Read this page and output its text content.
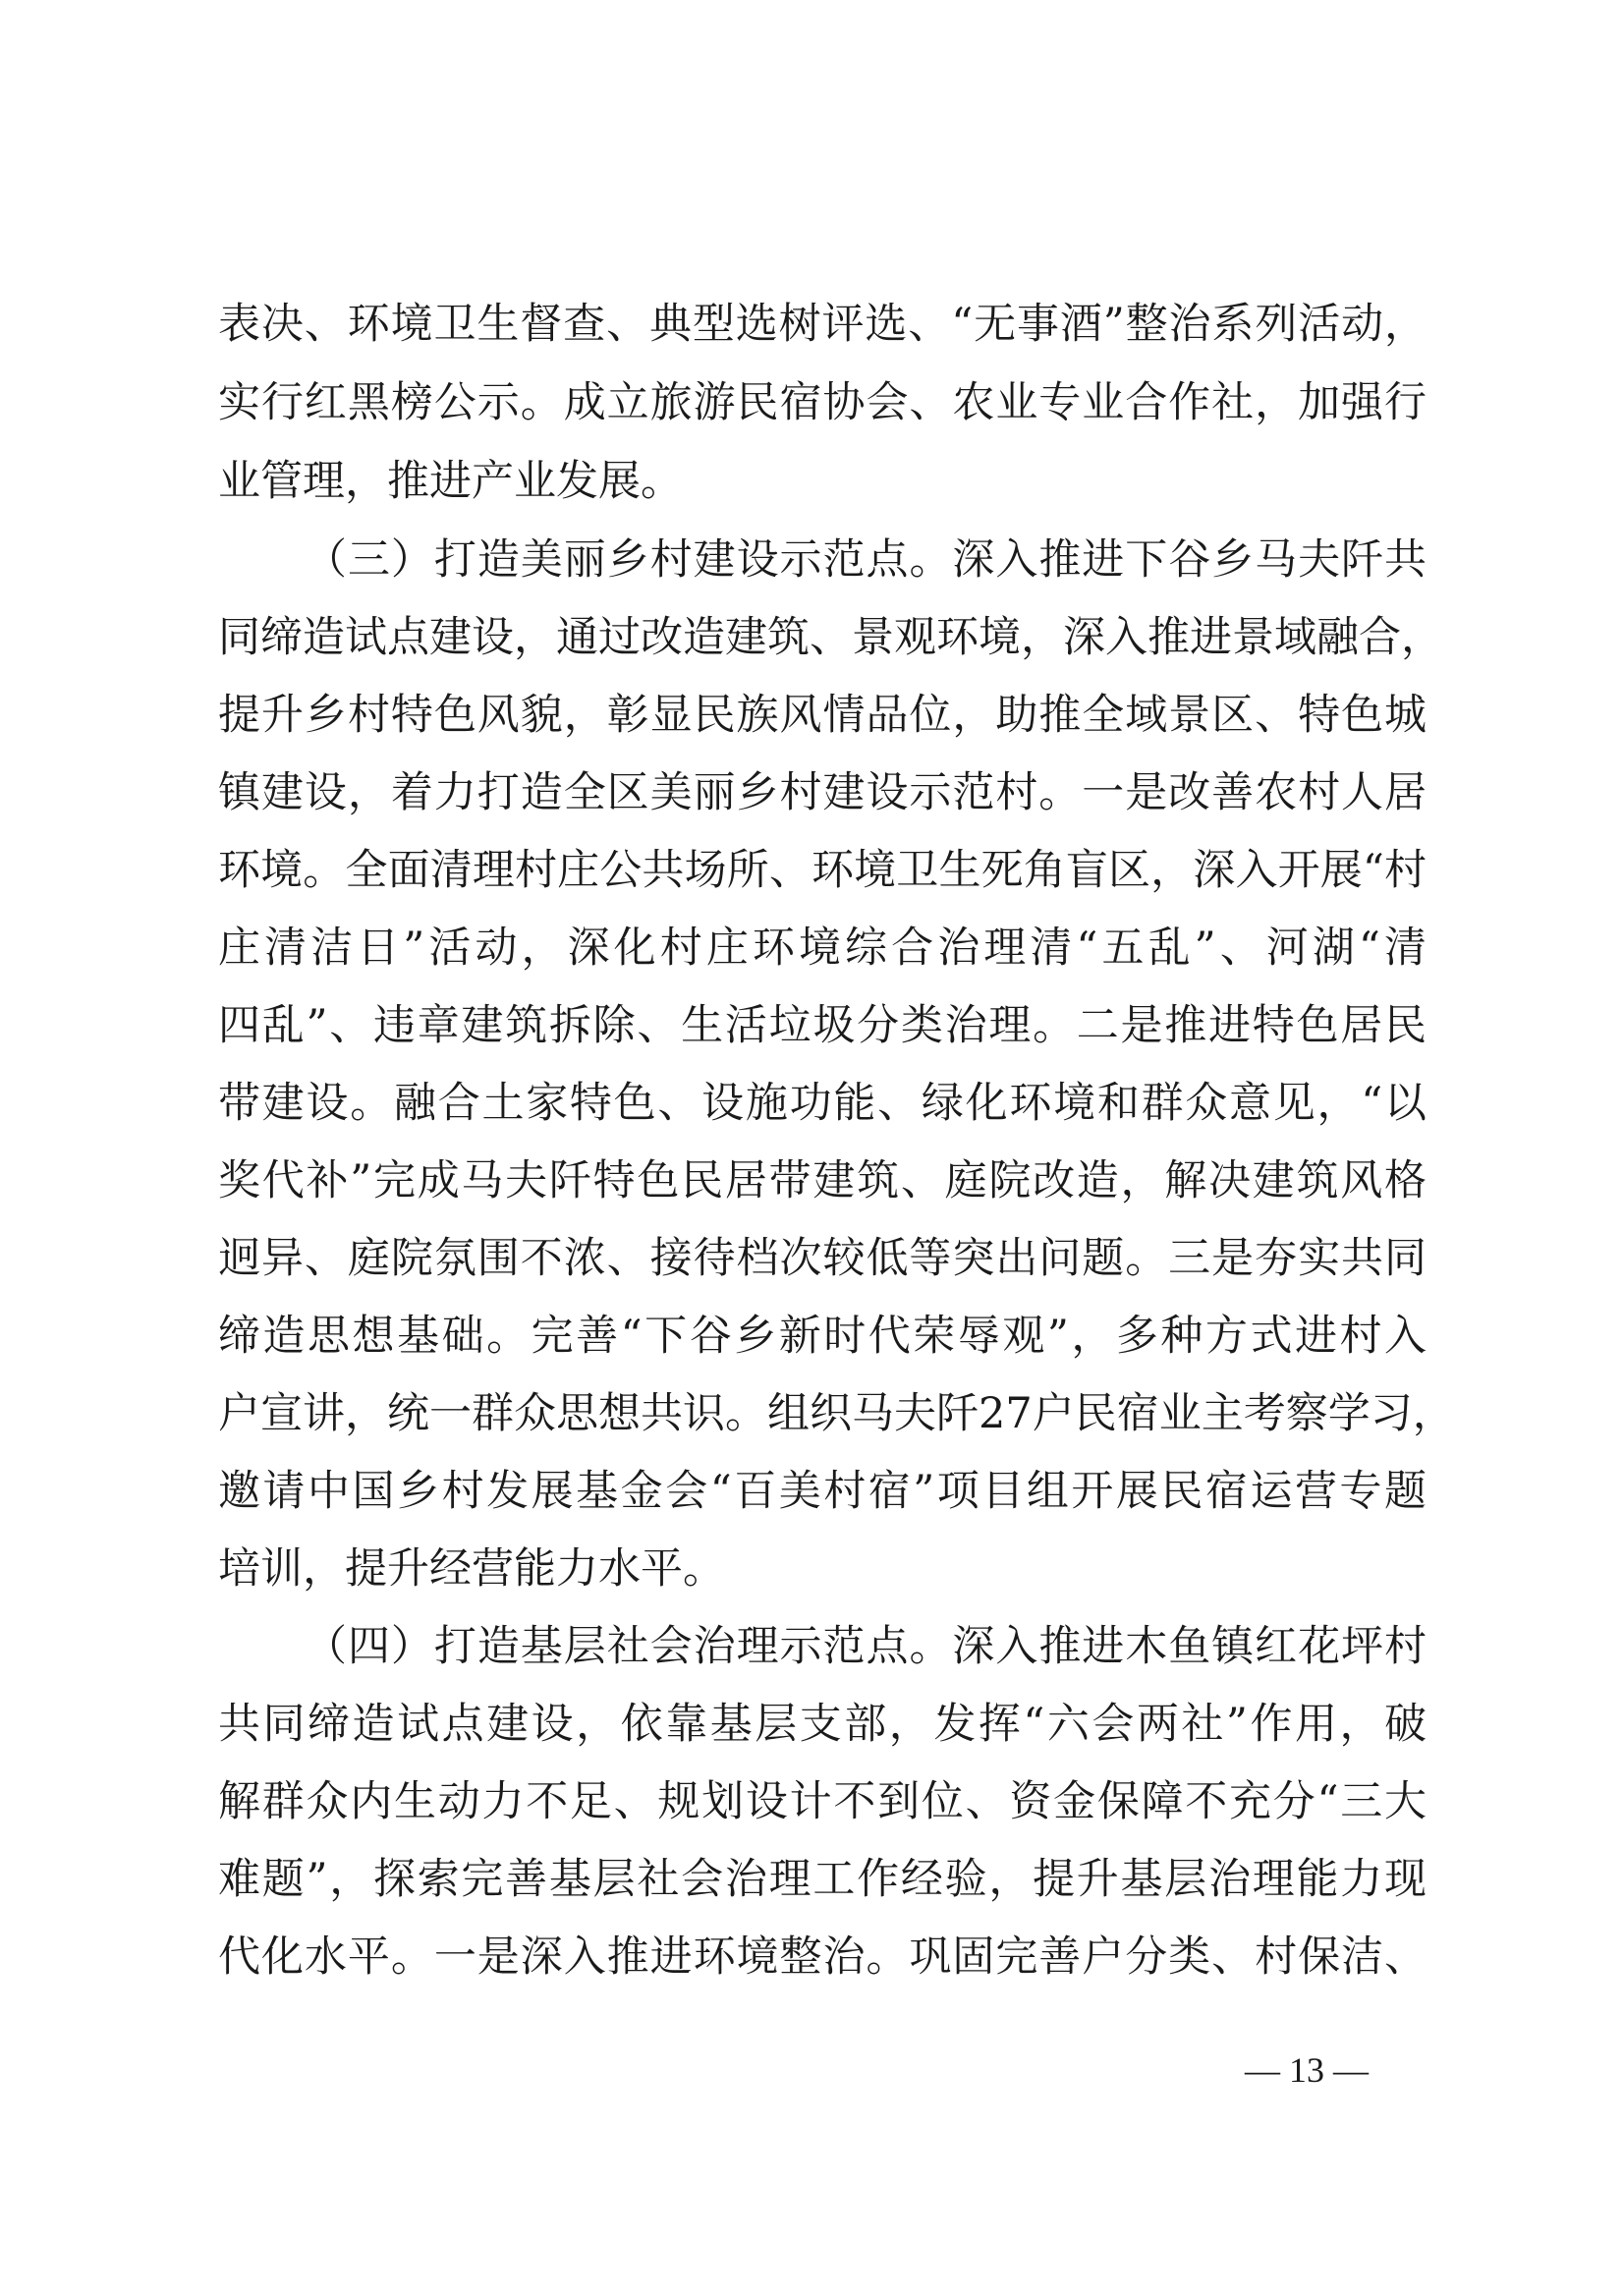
表决、环境卫生督查、典型选树评选、“无事酒”整治系列活动，
实行红黑榜公示。成立旅游民宿协会、农业专业合作社，加强行
业管理，推进产业发展。
（三）打造美丽乡村建设示范点。深入推进下谷乡马夫阡共
同缔造试点建设，通过改造建筑、景观环境，深入推进景域融合，
提升乡村特色风貌，彰显民族风情品位，助推全域景区、特色城
镇建设，着力打造全区美丽乡村建设示范村。一是改善农村人居
环境。全面清理村庄公共场所、环境卫生死角盲区，深入开展“村
庄清洁日”活动，深化村庄环境综合治理清“五乱”、河湖“清
四乱”、违章建筑拆除、生活垃圾分类治理。二是推进特色居民
带建设。融合土家特色、设施功能、绿化环境和群众意见，“以
奖代补”完成马夫阡特色民居带建筑、庭院改造，解决建筑风格
迥异、庭院氛围不浓、接待档次较低等突出问题。三是夯实共同
缔造思想基础。完善“下谷乡新时代荣辱观”，多种方式进村入
户宣讲，统一群众思想共识。组织马夫阡27户民宿业主考察学习，
邀请中国乡村发展基金会“百美村宿”项目组开展民宿运营专题
培训，提升经营能力水平。
（四）打造基层社会治理示范点。深入推进木鱼镇红花坪村
共同缔造试点建设，依靠基层支部，发挥“六会两社”作用，破
解群众内生动力不足、规划设计不到位、资金保障不充分“三大
难题”，探索完善基层社会治理工作经验，提升基层治理能力现
代化水平。一是深入推进环境整治。巩固完善户分类、村保洁、
— 13 —
